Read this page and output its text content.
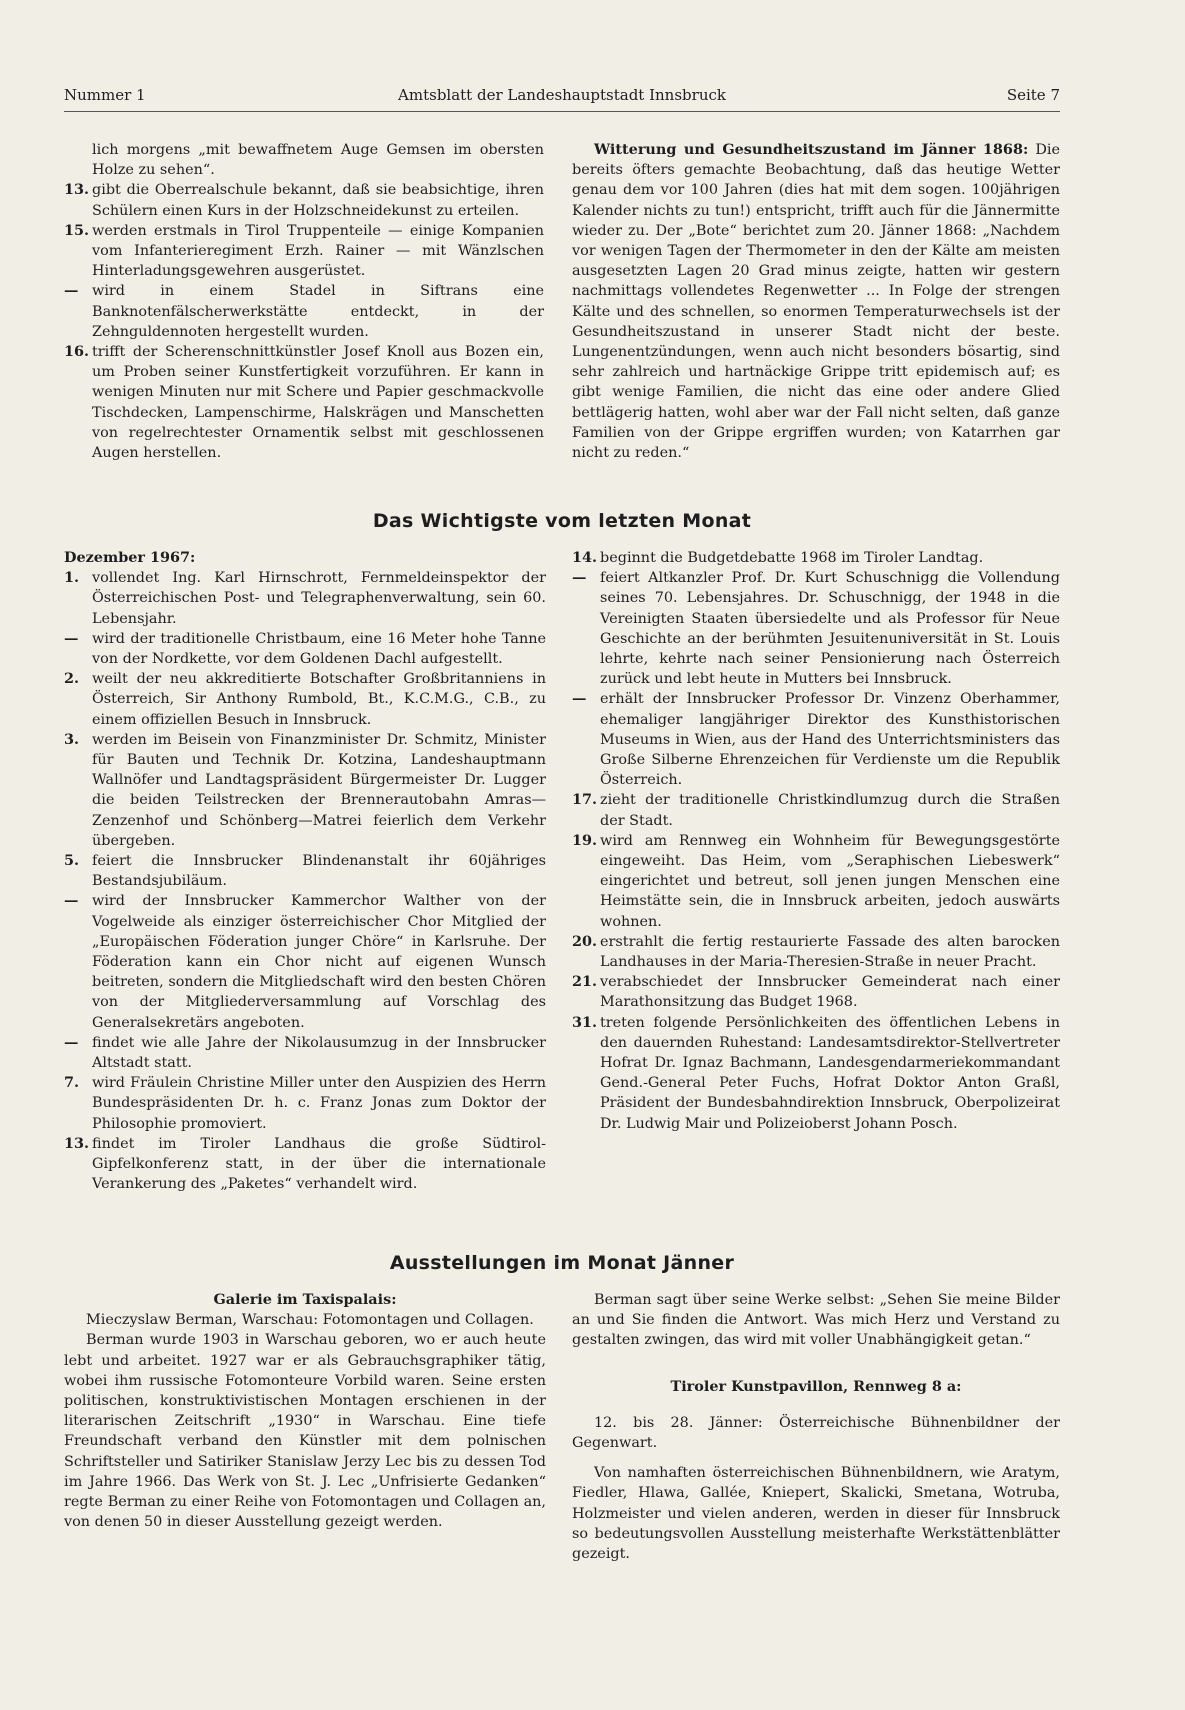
Nummer 1	Amtsblatt der Landeshauptstadt Innsbruck	Seite 7

lich morgens „mit bewaffnetem Auge Gemsen im obersten Holze zu sehen“.

13. gibt die Oberrealschule bekannt, daß sie beabsichtige, ihren Schülern einen Kurs in der Holzschneidekunst zu erteilen.

15. werden erstmals in Tirol Truppenteile — einige Kompanien vom Infanterieregiment Erzh. Rainer — mit Wänzlschen Hinterladungsgewehren ausgerüstet.

— wird in einem Stadel in Siftrans eine Banknotenfälscherwerkstätte entdeckt, in der Zehnguldennoten hergestellt wurden.

16. trifft der Scherenschnittkünstler Josef Knoll aus Bozen ein, um Proben seiner Kunstfertigkeit vorzuführen. Er kann in wenigen Minuten nur mit Schere und Papier geschmackvolle Tischdecken, Lampenschirme, Halskrägen und Manschetten von regelrechtester Ornamentik selbst mit geschlossenen Augen herstellen.

Witterung und Gesundheitszustand im Jänner 1868: Die bereits öfters gemachte Beobachtung, daß das heutige Wetter genau dem vor 100 Jahren (dies hat mit dem sogen. 100jährigen Kalender nichts zu tun!) entspricht, trifft auch für die Jännermitte wieder zu. Der „Bote“ berichtet zum 20. Jänner 1868: „Nachdem vor wenigen Tagen der Thermometer in den der Kälte am meisten ausgesetzten Lagen 20 Grad minus zeigte, hatten wir gestern nachmittags vollendetes Regenwetter ... In Folge der strengen Kälte und des schnellen, so enormen Temperaturwechsels ist der Gesundheitszustand in unserer Stadt nicht der beste. Lungenentzündungen, wenn auch nicht besonders bösartig, sind sehr zahlreich und hartnäckige Grippe tritt epidemisch auf; es gibt wenige Familien, die nicht das eine oder andere Glied bettlägerig hatten, wohl aber war der Fall nicht selten, daß ganze Familien von der Grippe ergriffen wurden; von Katarrhen gar nicht zu reden.“

Das Wichtigste vom letzten Monat

Dezember 1967:

1. vollendet Ing. Karl Hirnschrott, Fernmeldeinspektor der Österreichischen Post- und Telegraphenverwaltung, sein 60. Lebensjahr.

— wird der traditionelle Christbaum, eine 16 Meter hohe Tanne von der Nordkette, vor dem Goldenen Dachl aufgestellt.

2. weilt der neu akkreditierte Botschafter Großbritanniens in Österreich, Sir Anthony Rumbold, Bt., K.C.M.G., C.B., zu einem offiziellen Besuch in Innsbruck.

3. werden im Beisein von Finanzminister Dr. Schmitz, Minister für Bauten und Technik Dr. Kotzina, Landeshauptmann Wallnöfer und Landtagspräsident Bürgermeister Dr. Lugger die beiden Teilstrecken der Brennerautobahn Amras—Zenzenhof und Schönberg—Matrei feierlich dem Verkehr übergeben.

5. feiert die Innsbrucker Blindenanstalt ihr 60jähriges Bestandsjubiläum.

— wird der Innsbrucker Kammerchor Walther von der Vogelweide als einziger österreichischer Chor Mitglied der „Europäischen Föderation junger Chöre“ in Karlsruhe. Der Föderation kann ein Chor nicht auf eigenen Wunsch beitreten, sondern die Mitgliedschaft wird den besten Chören von der Mitgliederversammlung auf Vorschlag des Generalsekretärs angeboten.

— findet wie alle Jahre der Nikolausumzug in der Innsbrucker Altstadt statt.

7. wird Fräulein Christine Miller unter den Auspizien des Herrn Bundespräsidenten Dr. h. c. Franz Jonas zum Doktor der Philosophie promoviert.

13. findet im Tiroler Landhaus die große Südtirol-Gipfelkonferenz statt, in der über die internationale Verankerung des „Paketes“ verhandelt wird.

14. beginnt die Budgetdebatte 1968 im Tiroler Landtag.

— feiert Altkanzler Prof. Dr. Kurt Schuschnigg die Vollendung seines 70. Lebensjahres. Dr. Schuschnigg, der 1948 in die Vereinigten Staaten übersiedelte und als Professor für Neue Geschichte an der berühmten Jesuitenuniversität in St. Louis lehrte, kehrte nach seiner Pensionierung nach Österreich zurück und lebt heute in Mutters bei Innsbruck.

— erhält der Innsbrucker Professor Dr. Vinzenz Oberhammer, ehemaliger langjähriger Direktor des Kunsthistorischen Museums in Wien, aus der Hand des Unterrichtsministers das Große Silberne Ehrenzeichen für Verdienste um die Republik Österreich.

17. zieht der traditionelle Christkindlumzug durch die Straßen der Stadt.

19. wird am Rennweg ein Wohnheim für Bewegungsgestörte eingeweiht. Das Heim, vom „Seraphischen Liebeswerk“ eingerichtet und betreut, soll jenen jungen Menschen eine Heimstätte sein, die in Innsbruck arbeiten, jedoch auswärts wohnen.

20. erstrahlt die fertig restaurierte Fassade des alten barocken Landhauses in der Maria-Theresien-Straße in neuer Pracht.

21. verabschiedet der Innsbrucker Gemeinderat nach einer Marathonsitzung das Budget 1968.

31. treten folgende Persönlichkeiten des öffentlichen Lebens in den dauernden Ruhestand: Landesamtsdirektor-Stellvertreter Hofrat Dr. Ignaz Bachmann, Landesgendarmeriekommandant Gend.-General Peter Fuchs, Hofrat Doktor Anton Graßl, Präsident der Bundesbahndirektion Innsbruck, Oberpolizeirat Dr. Ludwig Mair und Polizeioberst Johann Posch.

Ausstellungen im Monat Jänner

Galerie im Taxispalais:

Mieczyslaw Berman, Warschau: Fotomontagen und Collagen.

Berman wurde 1903 in Warschau geboren, wo er auch heute lebt und arbeitet. 1927 war er als Gebrauchsgraphiker tätig, wobei ihm russische Fotomonteure Vorbild waren. Seine ersten politischen, konstruktivistischen Montagen erschienen in der literarischen Zeitschrift „1930“ in Warschau. Eine tiefe Freundschaft verband den Künstler mit dem polnischen Schriftsteller und Satiriker Stanislaw Jerzy Lec bis zu dessen Tod im Jahre 1966. Das Werk von St. J. Lec „Unfrisierte Gedanken“ regte Berman zu einer Reihe von Fotomontagen und Collagen an, von denen 50 in dieser Ausstellung gezeigt werden.

Berman sagt über seine Werke selbst: „Sehen Sie meine Bilder an und Sie finden die Antwort. Was mich Herz und Verstand zu gestalten zwingen, das wird mit voller Unabhängigkeit getan.“

Tiroler Kunstpavillon, Rennweg 8 a:

12. bis 28. Jänner: Österreichische Bühnenbildner der Gegenwart.

Von namhaften österreichischen Bühnenbildnern, wie Aratym, Fiedler, Hlawa, Gallée, Kniepert, Skalicki, Smetana, Wotruba, Holzmeister und vielen anderen, werden in dieser für Innsbruck so bedeutungsvollen Ausstellung meisterhafte Werkstättenblätter gezeigt.
